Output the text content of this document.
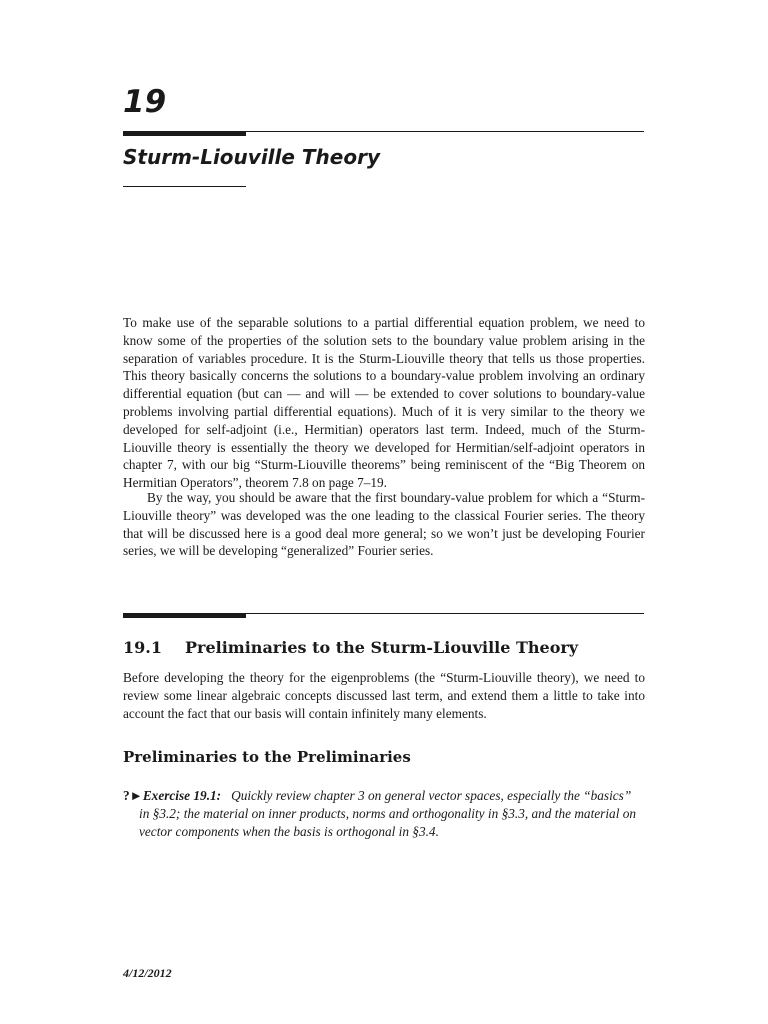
19
Sturm-Liouville Theory

To make use of the separable solutions to a partial differential equation problem, we need to know some of the properties of the solution sets to the boundary value problem arising in the separation of variables procedure. It is the Sturm-Liouville theory that tells us those properties. This theory basically concerns the solutions to a boundary-value problem involving an ordinary differential equation (but can — and will — be extended to cover solutions to boundary-value problems involving partial differential equations). Much of it is very similar to the theory we developed for self-adjoint (i.e., Hermitian) operators last term. Indeed, much of the Sturm-Liouville theory is essentially the theory we developed for Hermitian/self-adjoint operators in chapter 7, with our big “Sturm-Liouville theorems” being reminiscent of the “Big Theorem on Hermitian Operators”, theorem 7.8 on page 7–19.

By the way, you should be aware that the first boundary-value problem for which a “Sturm-Liouville theory” was developed was the one leading to the classical Fourier series. The theory that will be discussed here is a good deal more general; so we won’t just be developing Fourier series, we will be developing “generalized” Fourier series.

19.1 Preliminaries to the Sturm-Liouville Theory

Before developing the theory for the eigenproblems (the “Sturm-Liouville theory), we need to review some linear algebraic concepts discussed last term, and extend them a little to take into account the fact that our basis will contain infinitely many elements.

Preliminaries to the Preliminaries

?►Exercise 19.1: Quickly review chapter 3 on general vector spaces, especially the “basics”
in §3.2; the material on inner products, norms and orthogonality in §3.3, and the material on vector components when the basis is orthogonal in §3.4.

4/12/2012
